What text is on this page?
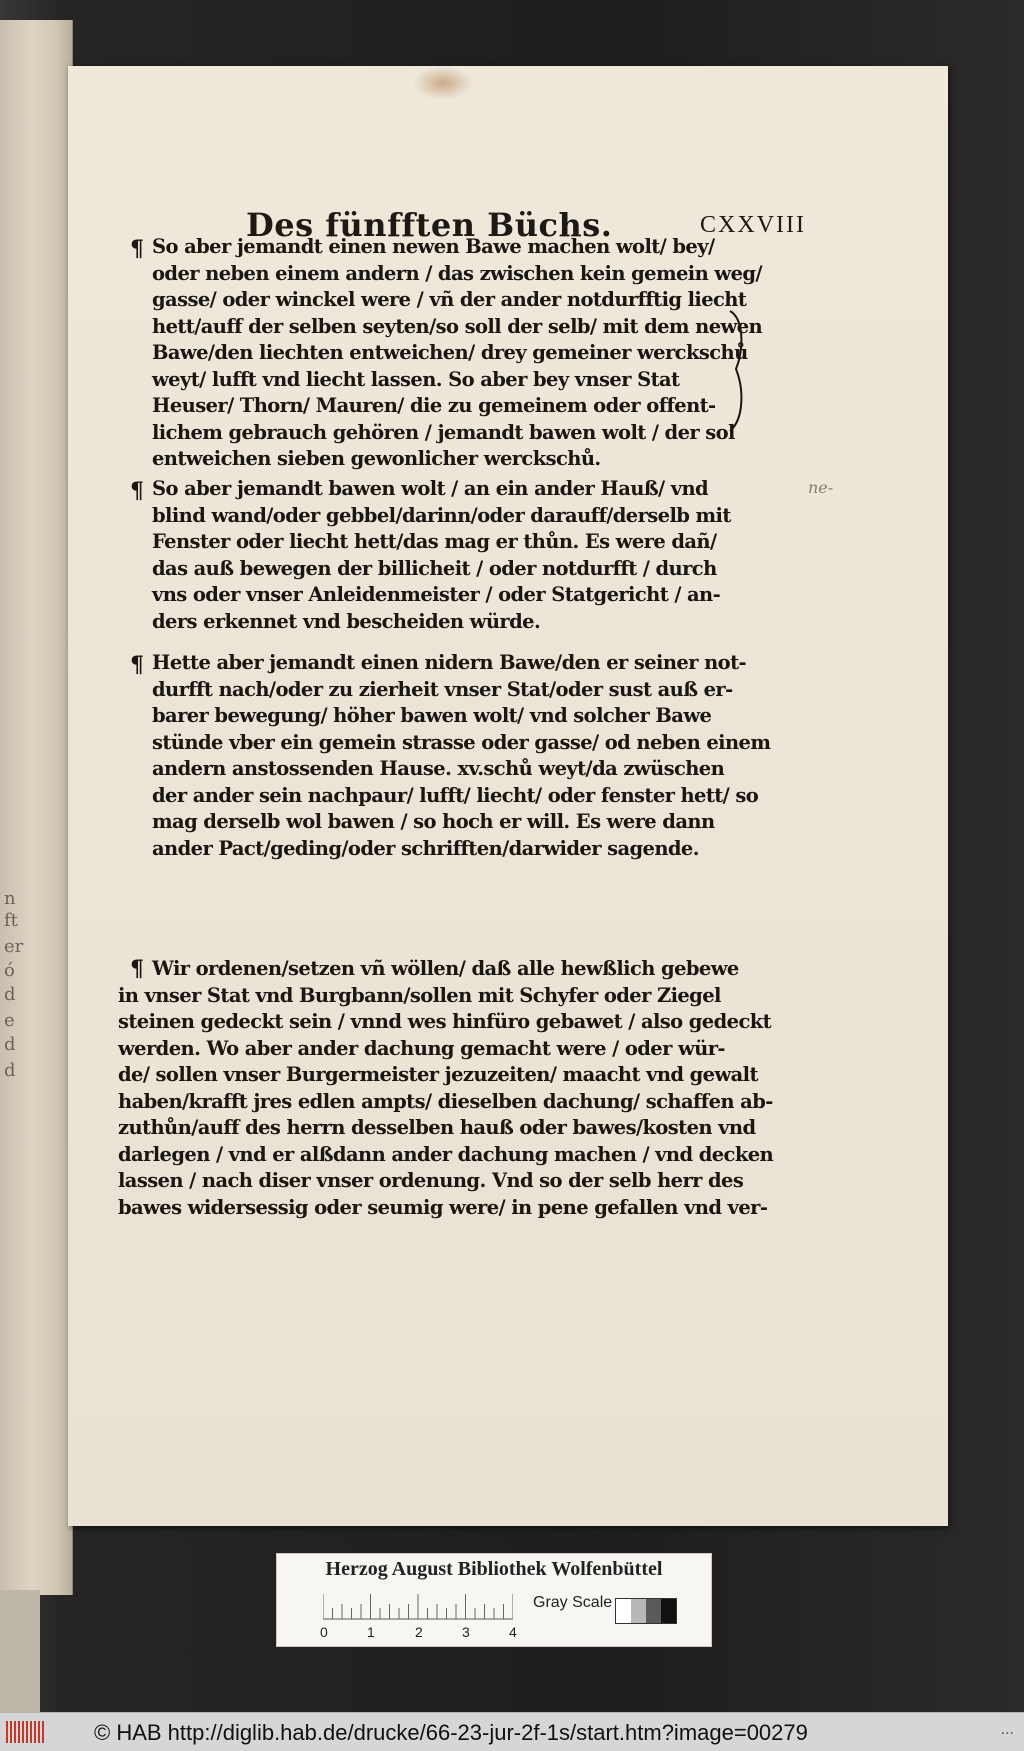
n
ft
er
ó
d
e
d
d
ne-
Des fünfften Büchs.	CXXVIII
¶ So aber jemandt einen newen Bawe machen wolt/ bey/
oder neben einem andern / das zwischen kein gemein weg/
gasse/ oder winckel were / vñ der ander notdurfftig liecht
hett/auff der selben seyten/so soll der selb/ mit dem newen
Bawe/den liechten entweichen/ drey gemeiner werckschů
weyt/ lufft vnd liecht lassen. So aber bey vnser Stat
Heuser/ Thorn/ Mauren/ die zu gemeinem oder offent-
lichem gebrauch gehören / jemandt bawen wolt / der sol
entweichen sieben gewonlicher werckschů.
¶ So aber jemandt bawen wolt / an ein ander Hauß/ vnd
blind wand/oder gebbel/darinn/oder darauff/derselb mit
Fenster oder liecht hett/das mag er thůn. Es were dañ/
das auß bewegen der billicheit / oder notdurfft / durch
vns oder vnser Anleidenmeister / oder Statgericht / an-
ders erkennet vnd bescheiden würde.
¶ Hette aber jemandt einen nidern Bawe/den er seiner not-
durfft nach/oder zu zierheit vnser Stat/oder sust auß er-
barer bewegung/ höher bawen wolt/ vnd solcher Bawe
stünde vber ein gemein strasse oder gasse/ od neben einem
andern anstossenden Hause. xv.schů weyt/da zwüschen
der ander sein nachpaur/ lufft/ liecht/ oder fenster hett/ so
mag derselb wol bawen / so hoch er will. Es were dann
ander Pact/geding/oder schrifften/darwider sagende.
¶ Wir ordenen/setzen vñ wöllen/ daß alle hewßlich gebewe
in vnser Stat vnd Burgbann/sollen mit Schyfer oder Ziegel
steinen gedeckt sein / vnnd wes hinfüro gebawet / also gedeckt
werden. Wo aber ander dachung gemacht were / oder wür-
de/ sollen vnser Burgermeister jezuzeiten/ maacht vnd gewalt
haben/krafft jres edlen ampts/ dieselben dachung/ schaffen ab-
zuthůn/auff des herrn desselben hauß oder bawes/kosten vnd
darlegen / vnd er alßdann ander dachung machen / vnd decken
lassen / nach diser vnser ordenung. Vnd so der selb herr des
bawes widersessig oder seumig were/ in pene gefallen vnd ver-
Herzog August Bibliothek Wolfenbüttel
0	1	2	3	4
Gray Scale
© HAB http://diglib.hab.de/drucke/66-23-jur-2f-1s/start.htm?image=00279	...
